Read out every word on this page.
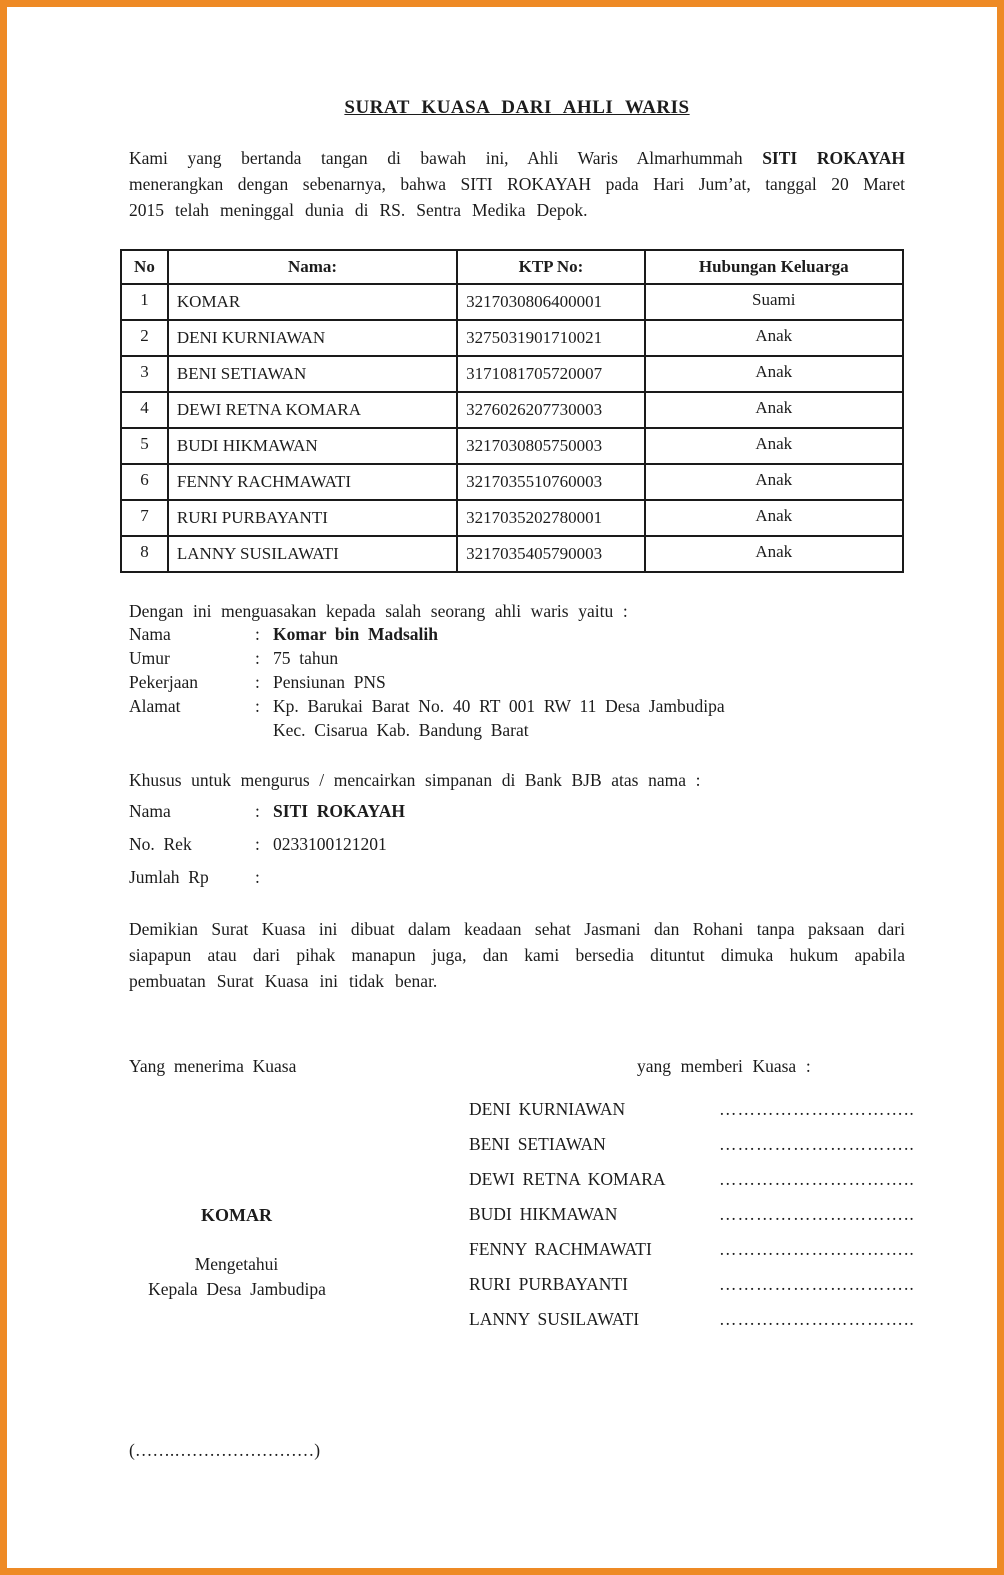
SURAT KUASA DARI AHLI WARIS

Kami yang bertanda tangan di bawah ini, Ahli Waris Almarhummah SITI ROKAYAH menerangkan dengan sebenarnya, bahwa SITI ROKAYAH pada Hari Jum’at, tanggal 20 Maret 2015 telah meninggal dunia di RS. Sentra Medika Depok.

No	Nama:	KTP No:	Hubungan Keluarga
1	KOMAR	3217030806400001	Suami
2	DENI KURNIAWAN	3275031901710021	Anak
3	BENI SETIAWAN	3171081705720007	Anak
4	DEWI RETNA KOMARA	3276026207730003	Anak
5	BUDI HIKMAWAN	3217030805750003	Anak
6	FENNY RACHMAWATI	3217035510760003	Anak
7	RURI PURBAYANTI	3217035202780001	Anak
8	LANNY SUSILAWATI	3217035405790003	Anak
Dengan ini menguasakan kepada salah seorang ahli waris yaitu :
Nama	: Komar bin Madsalih
Umur	: 75 tahun
Pekerjaan	: Pensiunan PNS
Alamat	: Kp. Barukai Barat No. 40 RT 001 RW 11 Desa Jambudipa
Kec. Cisarua Kab. Bandung Barat
Khusus untuk mengurus / mencairkan simpanan di Bank BJB atas nama :
Nama	: SITI ROKAYAH
No. Rek	: 0233100121201
Jumlah Rp	:

Demikian Surat Kuasa ini dibuat dalam keadaan sehat Jasmani dan Rohani tanpa paksaan dari siapapun atau dari pihak manapun juga, dan kami bersedia dituntut dimuka hukum apabila pembuatan Surat Kuasa ini tidak benar.

Yang menerima Kuasa
KOMAR
Mengetahui
Kepala Desa Jambudipa
yang memberi Kuasa :
DENI KURNIAWAN	…………………………..
BENI SETIAWAN	…………………………..
DEWI RETNA KOMARA	…………………………..
BUDI HIKMAWAN	…………………………..
FENNY RACHMAWATI	…………………………..
RURI PURBAYANTI	…………………………..
LANNY SUSILAWATI	…………………………..
(…….……………………)
